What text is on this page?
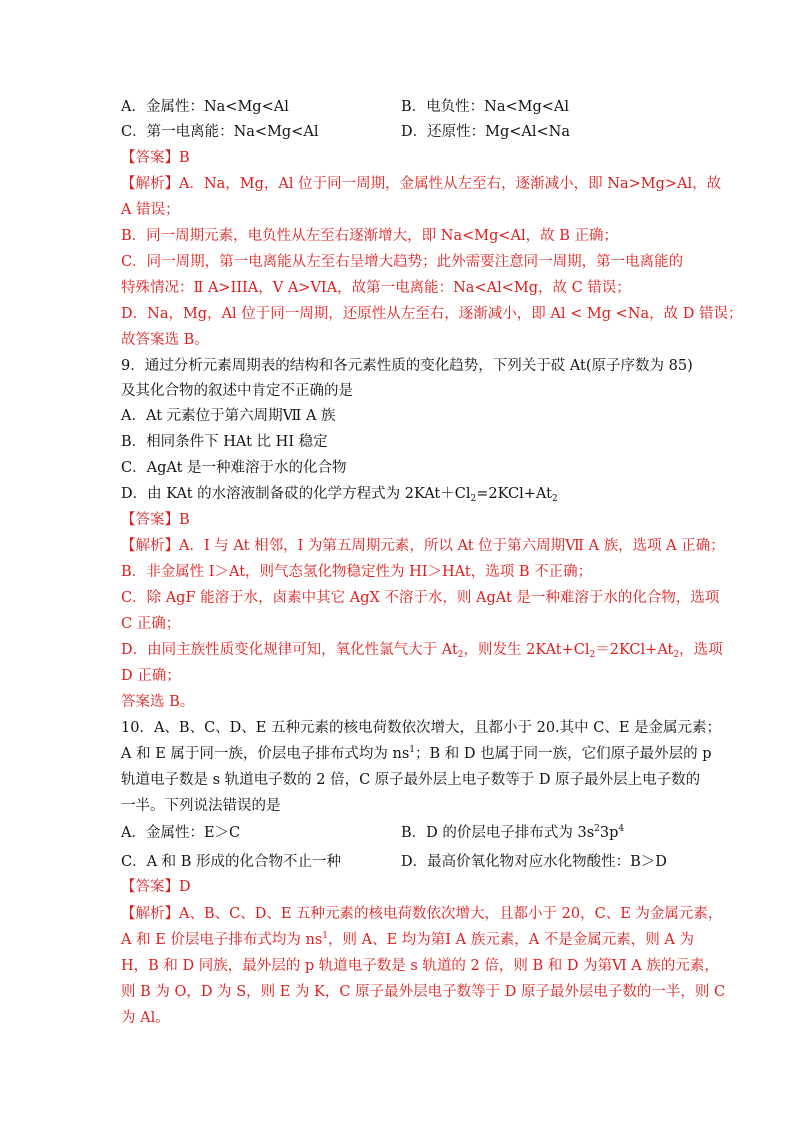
A．金属性：Na<Mg<Al	B．电负性：Na<Mg<Al
C．第一电离能：Na<Mg<Al	D．还原性：Mg<Al<Na
【答案】B
【解析】A．Na，Mg，Al 位于同一周期，金属性从左至右，逐渐减小，即 Na>Mg>Al，故
A 错误；
B．同一周期元素，电负性从左至右逐渐增大，即 Na<Mg<Al，故 B 正确；
C．同一周期，第一电离能从左至右呈增大趋势；此外需要注意同一周期，第一电离能的
特殊情况：Ⅱ A>IIIA，Ⅴ A>VIA，故第一电离能：Na<Al<Mg，故 C 错误；
D．Na，Mg，Al 位于同一周期，还原性从左至右，逐渐减小，即 Al < Mg <Na，故 D 错误；
故答案选 B。
9．通过分析元素周期表的结构和各元素性质的变化趋势，下列关于砹 At(原子序数为 85)
及其化合物的叙述中肯定不正确的是
A．At 元素位于第六周期Ⅶ A 族
B．相同条件下 HAt 比 HI 稳定
C．AgAt 是一种难溶于水的化合物
D．由 KAt 的水溶液制备砹的化学方程式为 $2KAt+Cl_2=2KCl+At_2$
【答案】B
【解析】A．I 与 At 相邻，I 为第五周期元素，所以 At 位于第六周期Ⅶ A 族，选项 A 正确；
B．非金属性 I＞At，则气态氢化物稳定性为 HI＞HAt，选项 B 不正确；
C．除 AgF 能溶于水，卤素中其它 AgX 不溶于水，则 AgAt 是一种难溶于水的化合物，选项
C 正确；
D．由同主族性质变化规律可知，氧化性氯气大于 $At_2$，则发生 $2KAt+Cl_2=2KCl+At_2$，选项
D 正确；
答案选 B。
10．A、B、C、D、E 五种元素的核电荷数依次增大，且都小于 20.其中 C、E 是金属元素；
A 和 E 属于同一族，价层电子排布式均为 $ns^1$；B 和 D 也属于同一族，它们原子最外层的 p
轨道电子数是 s 轨道电子数的 2 倍，C 原子最外层上电子数等于 D 原子最外层上电子数的
一半。下列说法错误的是
A．金属性：E＞C	B．D 的价层电子排布式为 $3s^23p^4$
C．A 和 B 形成的化合物不止一种	D．最高价氧化物对应水化物酸性：B＞D
【答案】D
【解析】A、B、C、D、E 五种元素的核电荷数依次增大，且都小于 20，C、E 为金属元素，
A 和 E 价层电子排布式均为 $ns^1$，则 A、E 均为第Ⅰ A 族元素，A 不是金属元素，则 A 为
H，B 和 D 同族，最外层的 p 轨道电子数是 s 轨道的 2 倍，则 B 和 D 为第Ⅵ A 族的元素，
则 B 为 O，D 为 S，则 E 为 K，C 原子最外层电子数等于 D 原子最外层电子数的一半，则 C
为 Al。
